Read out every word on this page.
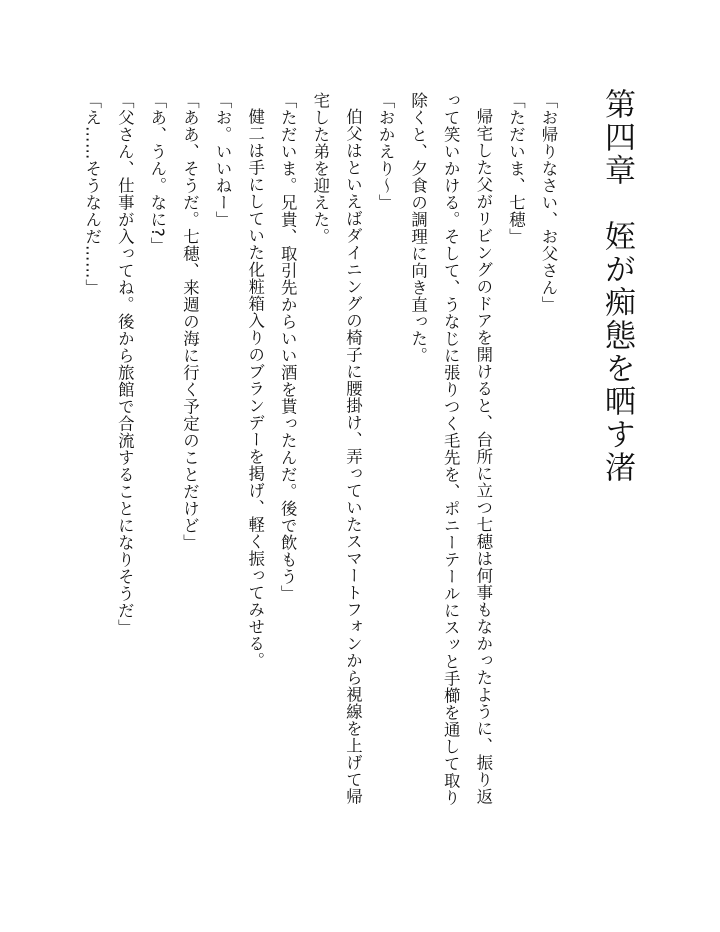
第四章　姪が痴態を晒す渚

「お帰りなさい、お父さん」

「ただいま、七穂」

帰宅した父がリビングのドアを開けると、台所に立つ七穂は何事もなかったように、振り返って笑いかける。そして、うなじに張りつく毛先を、ポニーテールにスッと手櫛を通して取り除くと、夕食の調理に向き直った。

「おかえり〜」

伯父はといえばダイニングの椅子に腰掛け、弄っていたスマートフォンから視線を上げて帰宅した弟を迎えた。

「ただいま。兄貴、取引先からいい酒を貰ったんだ。後で飲もう」

健二は手にしていた化粧箱入りのブランデーを掲げ、軽く振ってみせる。

「お。いいねー」

「ああ、そうだ。七穂、来週の海に行く予定のことだけど」

「あ、うん。なに?」

「父さん、仕事が入ってね。後から旅館で合流することになりそうだ」

「え……そうなんだ……」
